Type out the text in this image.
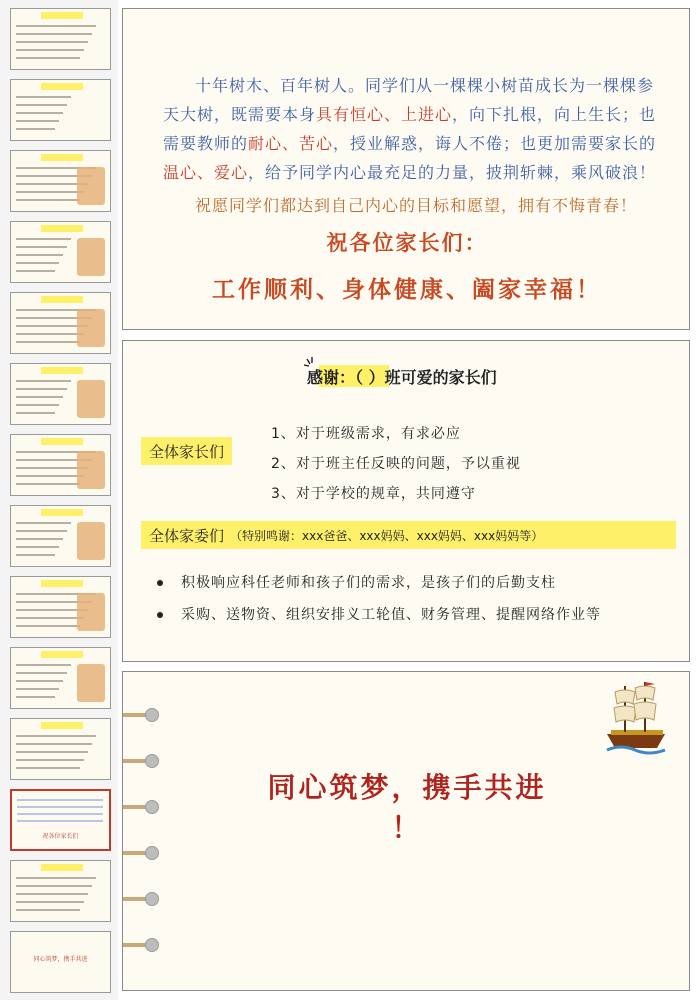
祝各位家长们
同心筑梦，携手共进
十年树木、百年树人。同学们从一棵棵小树苗成长为一棵棵参天大树，既需要本身具有恒心、上进心，向下扎根，向上生长；也需要教师的耐心、苦心，授业解惑，诲人不倦；也更加需要家长的温心、爱心，给予同学内心最充足的力量，披荆斩棘，乘风破浪！
祝愿同学们都达到自己内心的目标和愿望，拥有不悔青春！
祝各位家长们：
工作顺利、身体健康、阖家幸福！
感谢：（ ）班可爱的家长们
全体家长们
1、对于班级需求，有求必应
2、对于班主任反映的问题，予以重视
3、对于学校的规章，共同遵守
全体家委们 （特别鸣谢：xxx爸爸、xxx妈妈、xxx妈妈、xxx妈妈等）
积极响应科任老师和孩子们的需求，是孩子们的后勤支柱
采购、送物资、组织安排义工轮值、财务管理、提醒网络作业等
同心筑梦，携手共进
！
